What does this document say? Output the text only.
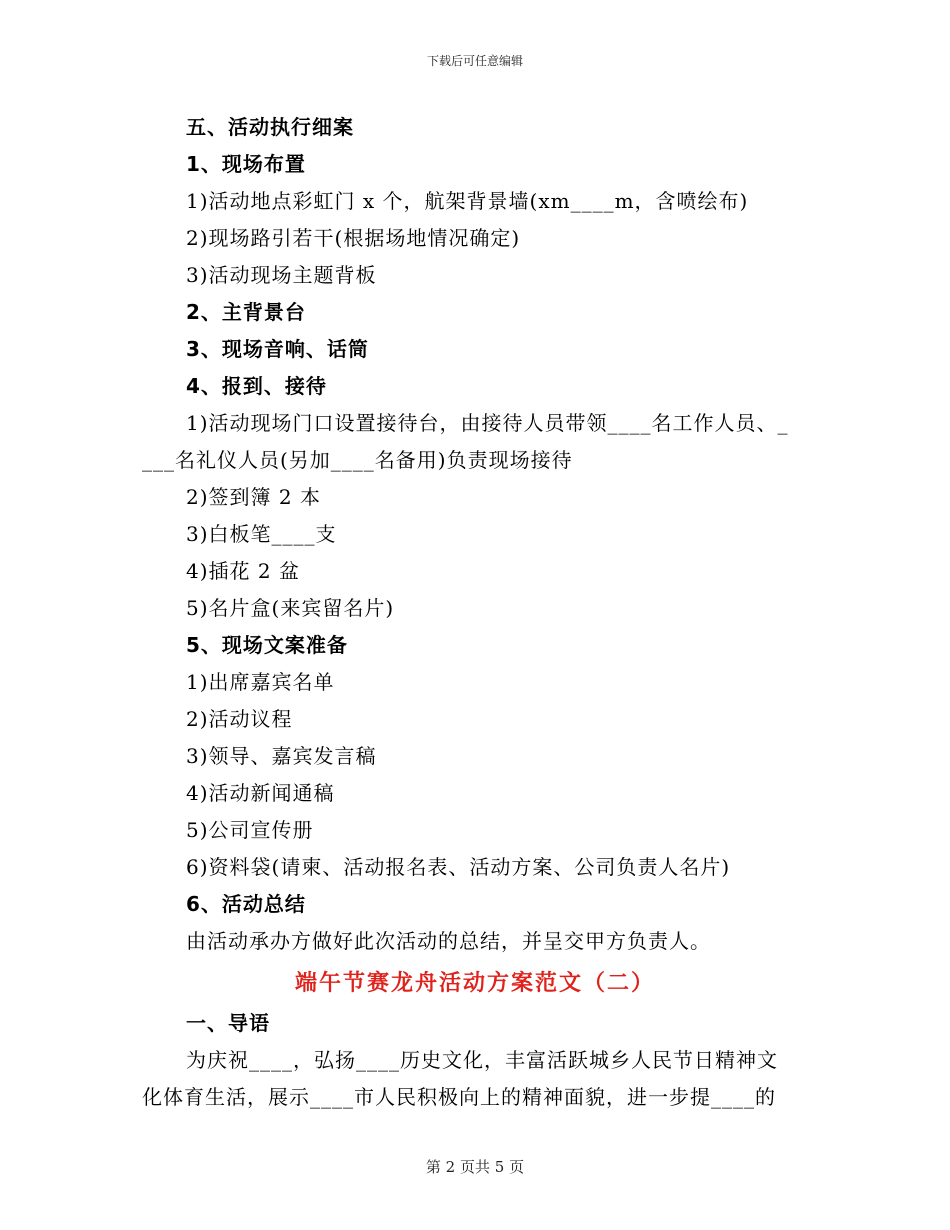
下载后可任意编辑
五、活动执行细案
1、现场布置
1)活动地点彩虹门 x 个，航架背景墙(xm____m，含喷绘布)
2)现场路引若干(根据场地情况确定)
3)活动现场主题背板
2、主背景台
3、现场音响、话筒
4、报到、接待
1)活动现场门口设置接待台，由接待人员带领____名工作人员、_
___名礼仪人员(另加____名备用)负责现场接待
2)签到簿 2 本
3)白板笔____支
4)插花 2 盆
5)名片盒(来宾留名片)
5、现场文案准备
1)出席嘉宾名单
2)活动议程
3)领导、嘉宾发言稿
4)活动新闻通稿
5)公司宣传册
6)资料袋(请柬、活动报名表、活动方案、公司负责人名片)
6、活动总结
由活动承办方做好此次活动的总结，并呈交甲方负责人。
端午节赛龙舟活动方案范文（二）
一、导语
为庆祝____，弘扬____历史文化，丰富活跃城乡人民节日精神文
化体育生活，展示____市人民积极向上的精神面貌，进一步提____的
第 2 页共 5 页
